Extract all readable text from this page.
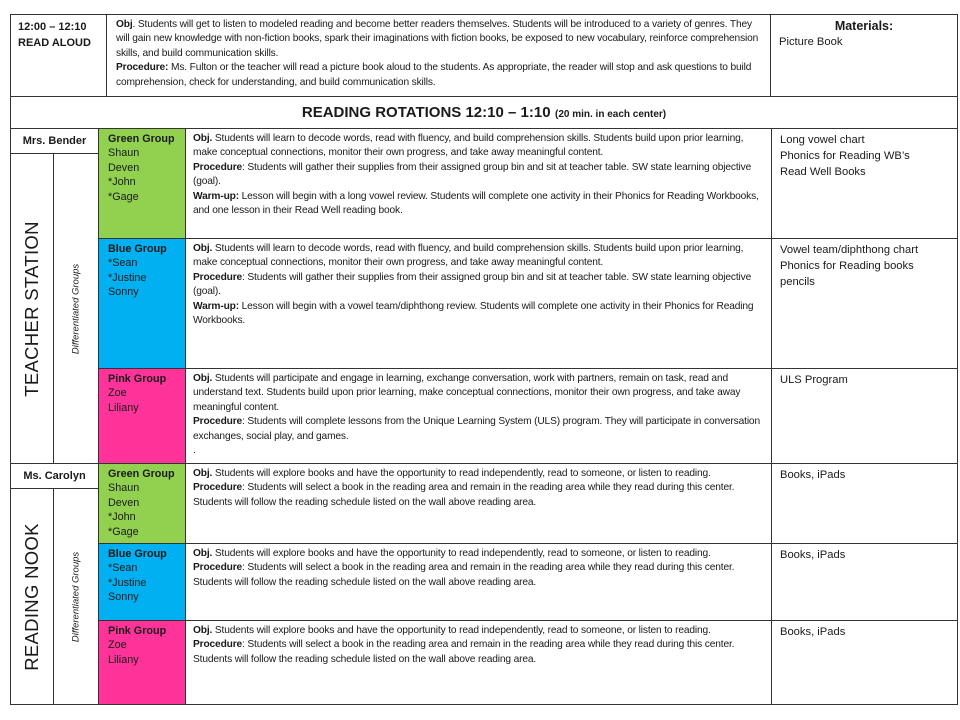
12:00 – 12:10
READ ALOUD
Obj. Students will get to listen to modeled reading and become better readers themselves. Students will be introduced to a variety of genres. They will gain new knowledge with non-fiction books, spark their imaginations with fiction books, be exposed to new vocabulary, reinforce comprehension skills, and build communication skills.
Procedure: Ms. Fulton or the teacher will read a picture book aloud to the students. As appropriate, the reader will stop and ask questions to build comprehension, check for understanding, and build communication skills.
Materials:
Picture Book
READING ROTATIONS 12:10 – 1:10 (20 min. in each center)
Mrs. Bender
TEACHER STATION	Differentiated Groups
Green Group
Shaun
Deven
*John
*Gage
Obj. Students will learn to decode words, read with fluency, and build comprehension skills. Students build upon prior learning, make conceptual connections, monitor their own progress, and take away meaningful content.
Procedure: Students will gather their supplies from their assigned group bin and sit at teacher table. SW state learning objective (goal).
Warm-up: Lesson will begin with a long vowel review. Students will complete one activity in their Phonics for Reading Workbooks, and one lesson in their Read Well reading book.
Long vowel chart
Phonics for Reading WB’s
Read Well Books
Blue Group
*Sean
*Justine
Sonny
Obj. Students will learn to decode words, read with fluency, and build comprehension skills. Students build upon prior learning, make conceptual connections, monitor their own progress, and take away meaningful content.
Procedure: Students will gather their supplies from their assigned group bin and sit at teacher table. SW state learning objective (goal).
Warm-up: Lesson will begin with a vowel team/diphthong review. Students will complete one activity in their Phonics for Reading Workbooks.
Vowel team/diphthong chart
Phonics for Reading books
pencils
Pink Group
Zoe
Liliany
Obj. Students will participate and engage in learning, exchange conversation, work with partners, remain on task, read and understand text. Students build upon prior learning, make conceptual connections, monitor their own progress, and take away meaningful content.
Procedure: Students will complete lessons from the Unique Learning System (ULS) program. They will participate in conversation exchanges, social play, and games.
.
ULS Program
Ms. Carolyn
READING NOOK	Differentiated Groups
Green Group
Shaun
Deven
*John
*Gage
Obj. Students will explore books and have the opportunity to read independently, read to someone, or listen to reading.
Procedure: Students will select a book in the reading area and remain in the reading area while they read during this center. Students will follow the reading schedule listed on the wall above reading area.
Books, iPads
Blue Group
*Sean
*Justine
Sonny
Obj. Students will explore books and have the opportunity to read independently, read to someone, or listen to reading.
Procedure: Students will select a book in the reading area and remain in the reading area while they read during this center. Students will follow the reading schedule listed on the wall above reading area.
Books, iPads
Pink Group
Zoe
Liliany
Obj. Students will explore books and have the opportunity to read independently, read to someone, or listen to reading.
Procedure: Students will select a book in the reading area and remain in the reading area while they read during this center. Students will follow the reading schedule listed on the wall above reading area.
Books, iPads
